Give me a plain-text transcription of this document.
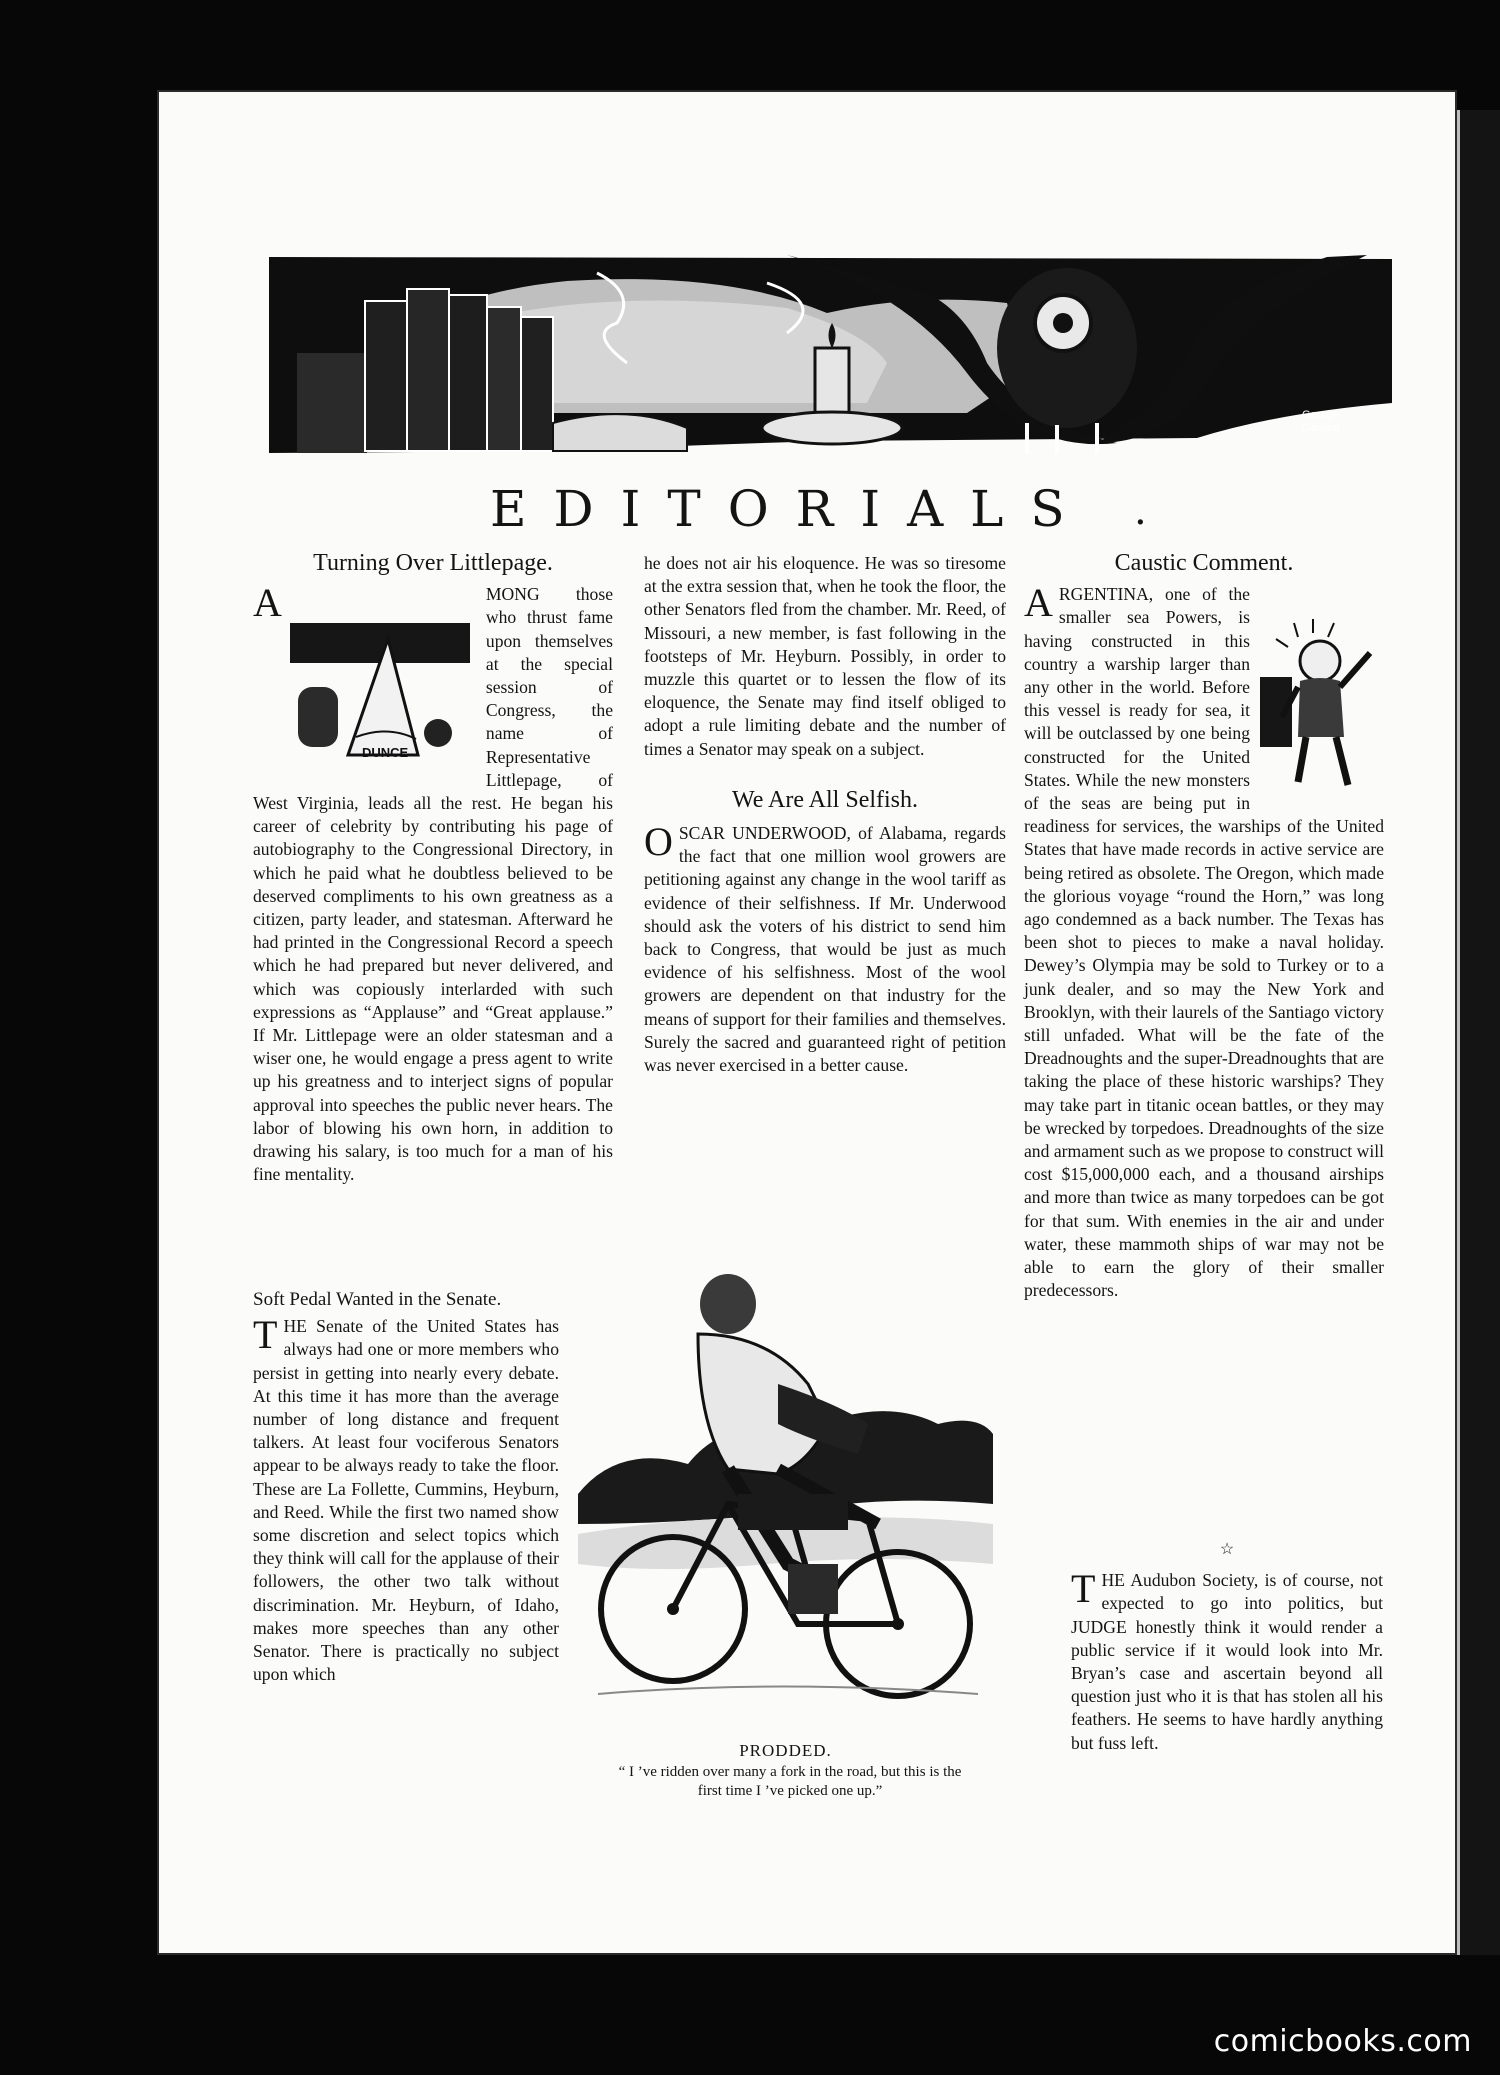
George
Carlson
EDITORIALS	.
Turning Over Littlepage.

A
DUNCE
MONG those who thrust fame upon themselves at the special session of Congress, the name of Representative Littlepage, of West Virginia, leads all the rest. He began his career of celebrity by contributing his page of autobiography to the Congressional Directory, in which he paid what he doubtless believed to be deserved compliments to his own greatness as a citizen, party leader, and statesman. Afterward he had printed in the Congressional Record a speech which he had prepared but never delivered, and which was copiously interlarded with such expressions as “Applause” and “Great applause.” If Mr. Littlepage were an older statesman and a wiser one, he would engage a press agent to write up his greatness and to interject signs of popular approval into speeches the public never hears. The labor of blowing his own horn, in addition to drawing his salary, is too much for a man of his fine mentality.

Soft Pedal Wanted in the Senate.

T HE Senate of the United States has always had one or more members who persist in getting into nearly every debate. At this time it has more than the average number of long distance and frequent talkers. At least four vociferous Senators appear to be always ready to take the floor. These are La Follette, Cummins, Heyburn, and Reed. While the first two named show some discretion and select topics which they think will call for the applause of their followers, the other two talk without discrimination. Mr. Heyburn, of Idaho, makes more speeches than any other Senator. There is practically no subject upon which

he does not air his eloquence. He was so tiresome at the extra session that, when he took the floor, the other Senators fled from the chamber. Mr. Reed, of Missouri, a new member, is fast following in the footsteps of Mr. Heyburn. Possibly, in order to muzzle this quartet or to lessen the flow of its eloquence, the Senate may find itself obliged to adopt a rule limiting debate and the number of times a Senator may speak on a subject.

We Are All Selfish.

O SCAR UNDERWOOD, of Alabama, regards the fact that one million wool growers are petitioning against any change in the wool tariff as evidence of their selfishness. If Mr. Underwood should ask the voters of his district to send him back to Congress, that would be just as much evidence of his selfishness. Most of the wool growers are dependent on that industry for the means of support for their families and themselves. Surely the sacred and guaranteed right of petition was never exercised in a better cause.

PRODDED.
“ I ’ve ridden over many a fork in the road, but this is the first time I ’ve picked one up.”
Caustic Comment.

A RGENTINA, one of the smaller sea Powers, is having constructed in this country a warship larger than any other in the world. Before this vessel is ready for sea, it will be outclassed by one being constructed for the United States. While the new monsters of the seas are being put in readiness for services, the warships of the United States that have made records in active service are being retired as obsolete. The Oregon, which made the glorious voyage “round the Horn,” was long ago condemned as a back number. The Texas has been shot to pieces to make a naval holiday. Dewey’s Olympia may be sold to Turkey or to a junk dealer, and so may the New York and Brooklyn, with their laurels of the Santiago victory still unfaded. What will be the fate of the Dreadnoughts and the super-Dreadnoughts that are taking the place of these historic warships? They may take part in titanic ocean battles, or they may be wrecked by torpedoes. Dreadnoughts of the size and armament such as we propose to construct will cost $15,000,000 each, and a thousand airships and more than twice as many torpedoes can be got for that sum. With enemies in the air and under water, these mammoth ships of war may not be able to earn the glory of their smaller predecessors.

☆

T HE Audubon Society, is of course, not expected to go into politics, but JUDGE honestly think it would render a public service if it would look into Mr. Bryan’s case and ascertain beyond all question just who it is that has stolen all his feathers. He seems to have hardly anything but fuss left.

comicbooks.com
